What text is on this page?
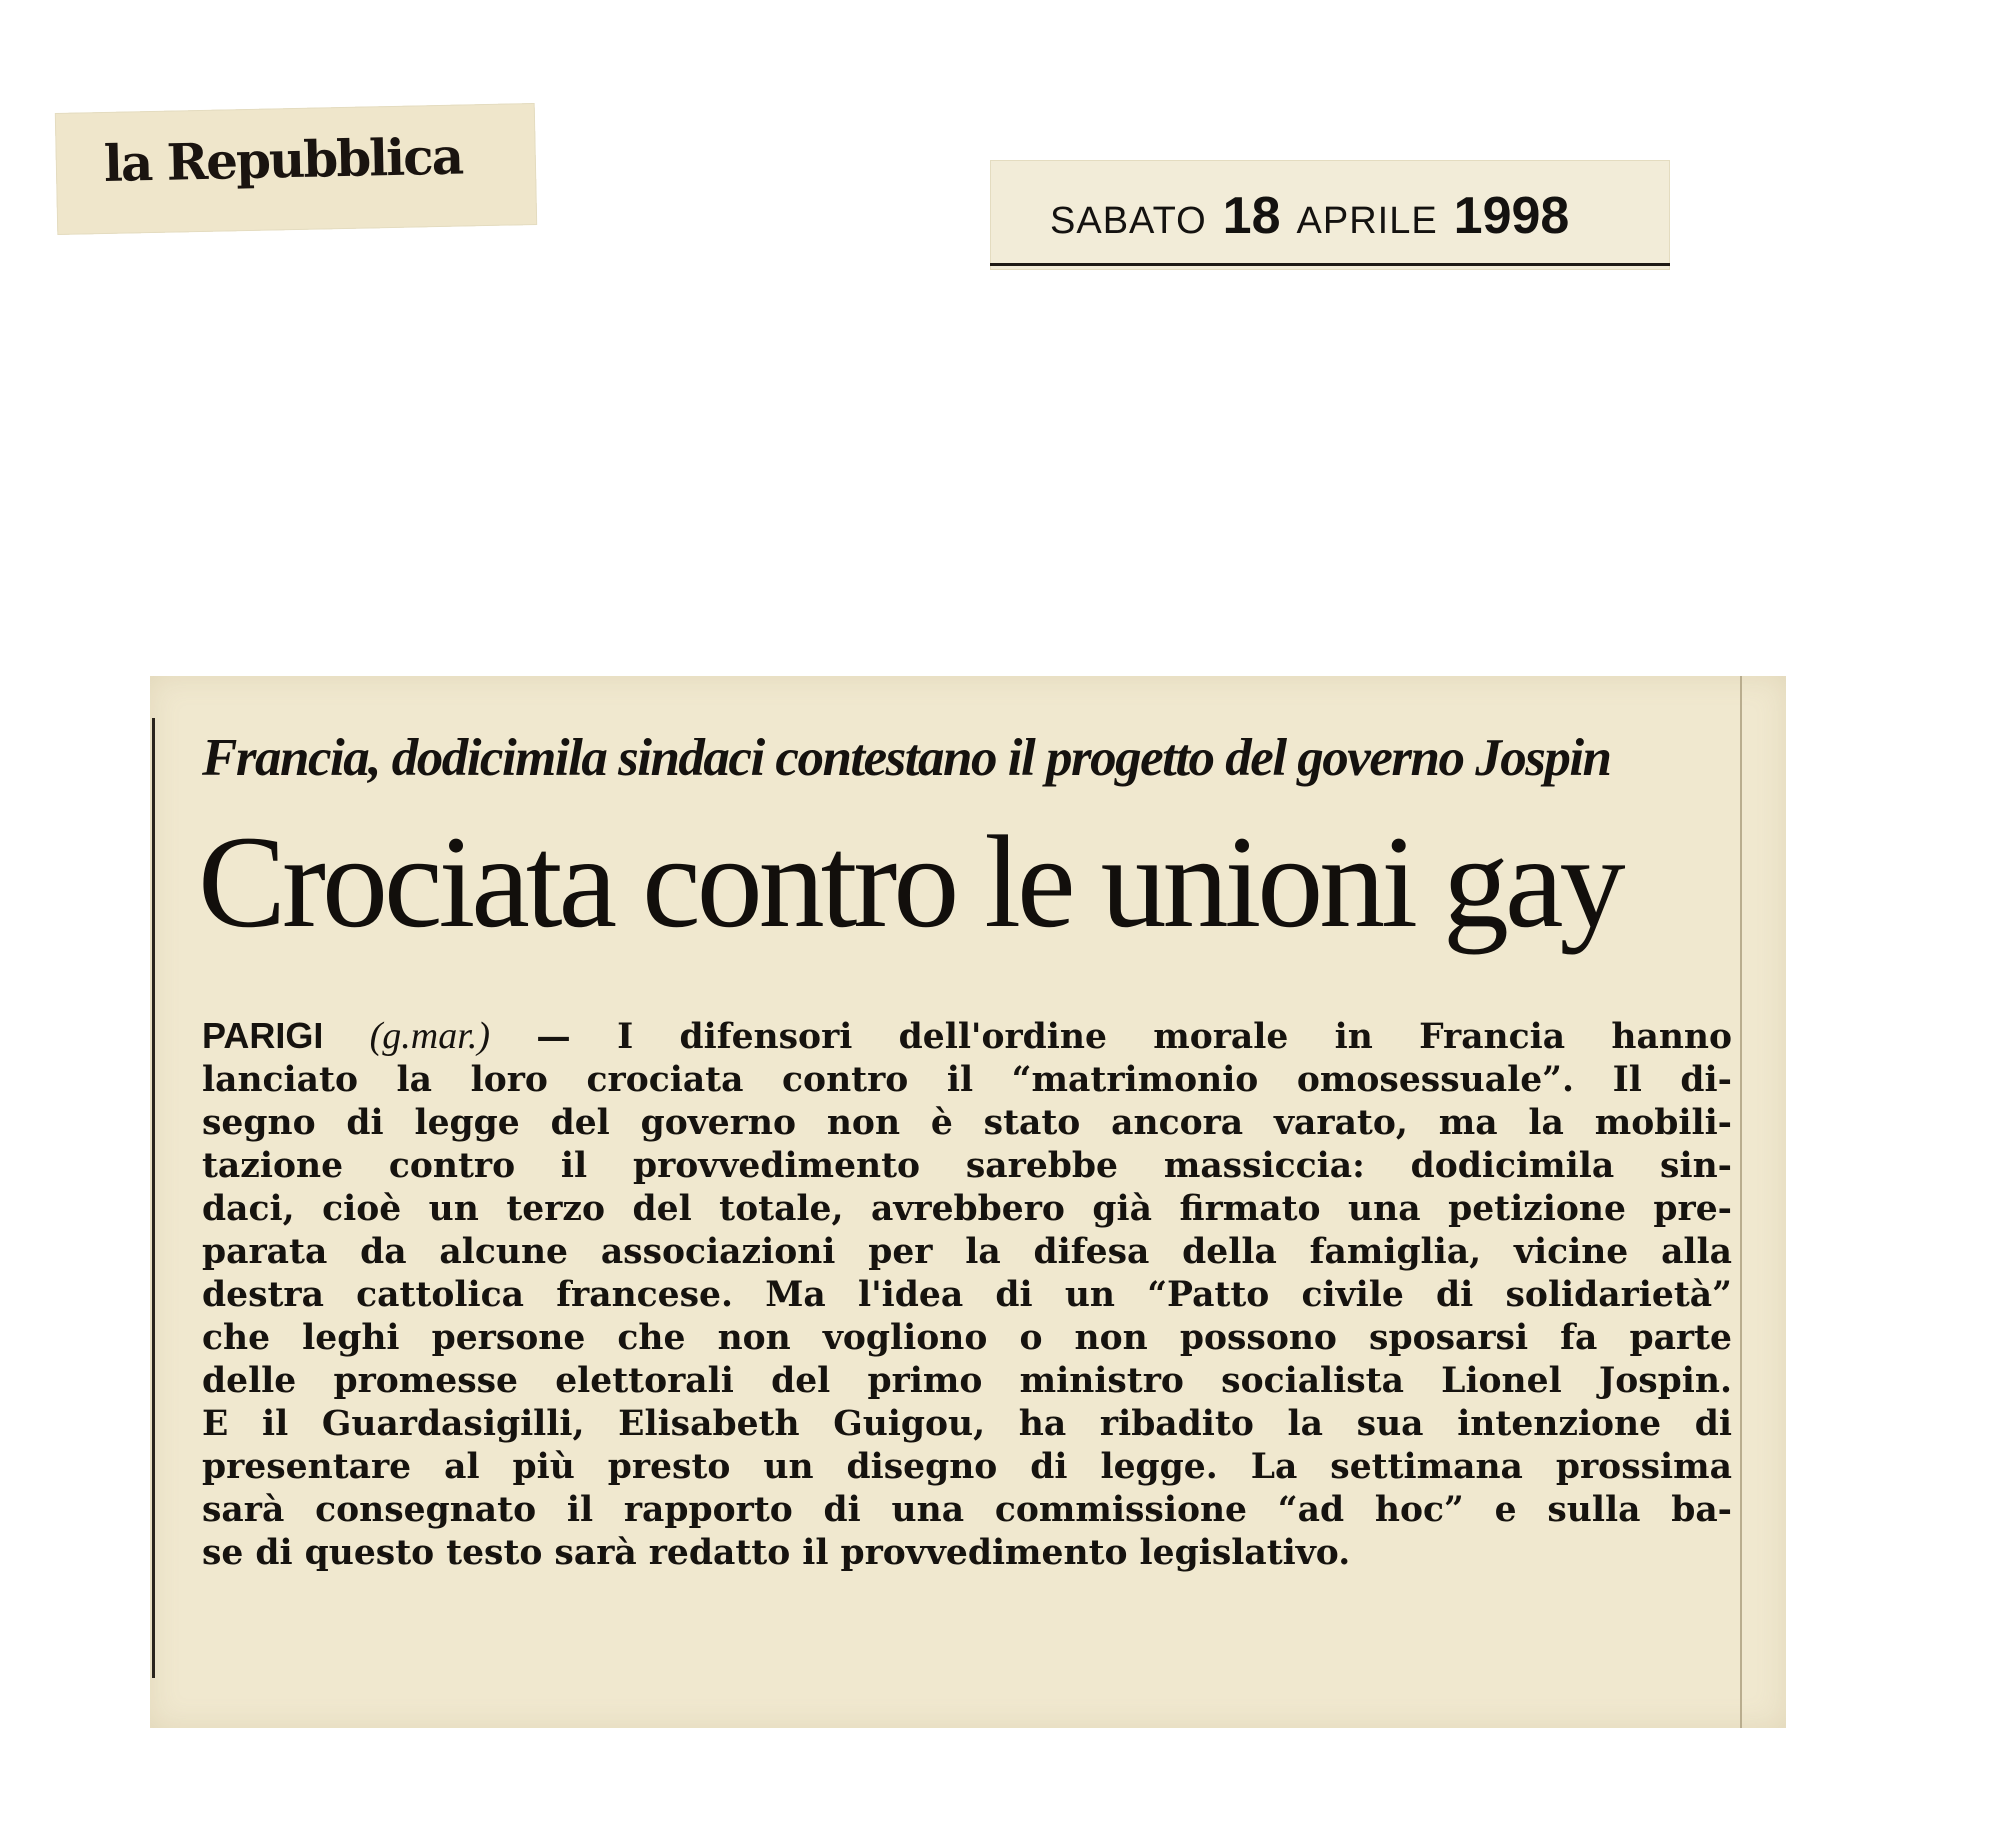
la Repubblica
SABATO 18 APRILE 1998
Francia, dodicimila sindaci contestano il progetto del governo Jospin
Crociata contro le unioni gay
PARIGI (g.mar.) — I difensori dell'ordine morale in Francia hanno
lanciato la loro crociata contro il “matrimonio omosessuale”. Il di-
segno di legge del governo non è stato ancora varato, ma la mobili-
tazione contro il provvedimento sarebbe massiccia: dodicimila sin-
daci, cioè un terzo del totale, avrebbero già firmato una petizione pre-
parata da alcune associazioni per la difesa della famiglia, vicine alla
destra cattolica francese. Ma l'idea di un “Patto civile di solidarietà”
che leghi persone che non vogliono o non possono sposarsi fa parte
delle promesse elettorali del primo ministro socialista Lionel Jospin.
E il Guardasigilli, Elisabeth Guigou, ha ribadito la sua intenzione di
presentare al più presto un disegno di legge. La settimana prossima
sarà consegnato il rapporto di una commissione “ad hoc” e sulla ba-
se di questo testo sarà redatto il provvedimento legislativo.
